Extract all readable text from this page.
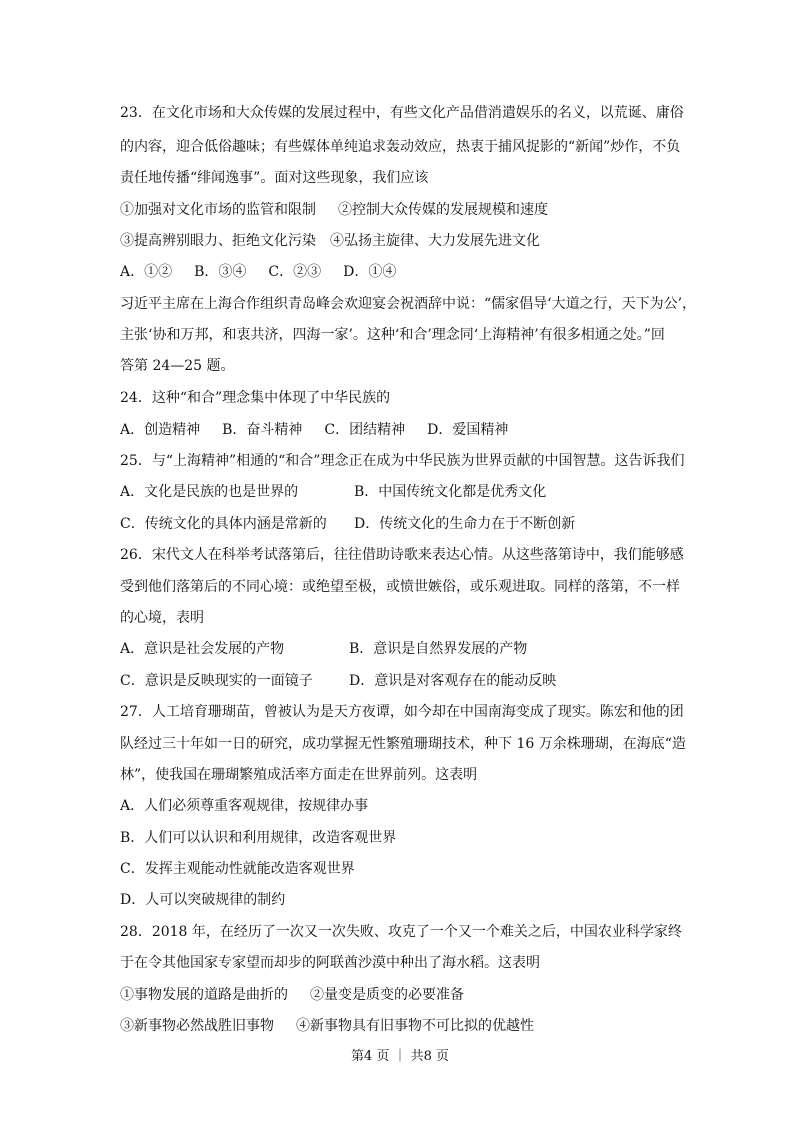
23．在文化市场和大众传媒的发展过程中，有些文化产品借消遣娱乐的名义，以荒诞、庸俗
的内容，迎合低俗趣味；有些媒体单纯追求轰动效应，热衷于捕风捉影的“新闻”炒作，不负
责任地传播“绯闻逸事”。面对这些现象，我们应该
①加强对文化市场的监管和限制 ②控制大众传媒的发展规模和速度
③提高辨别眼力、拒绝文化污染 ④弘扬主旋律、大力发展先进文化
A．①② B．③④ C．②③ D．①④
习近平主席在上海合作组织青岛峰会欢迎宴会祝酒辞中说：“儒家倡导‘大道之行，天下为公’，
主张‘协和万邦，和衷共济，四海一家’。这种‘和合’理念同‘上海精神’有很多相通之处。”回
答第 24—25 题。
24．这种“和合”理念集中体现了中华民族的
A．创造精神 B．奋斗精神 C．团结精神 D．爱国精神
25．与“上海精神”相通的“和合”理念正在成为中华民族为世界贡献的中国智慧。这告诉我们
A．文化是民族的也是世界的	B．中国传统文化都是优秀文化
C．传统文化的具体内涵是常新的 D．传统文化的生命力在于不断创新
26．宋代文人在科举考试落第后，往往借助诗歌来表达心情。从这些落第诗中，我们能够感
受到他们落第后的不同心境：或绝望至极，或愤世嫉俗，或乐观进取。同样的落第，不一样
的心境，表明
A．意识是社会发展的产物	B．意识是自然界发展的产物
C．意识是反映现实的一面镜子	D．意识是对客观存在的能动反映
27．人工培育珊瑚苗，曾被认为是天方夜谭，如今却在中国南海变成了现实。陈宏和他的团
队经过三十年如一日的研究，成功掌握无性繁殖珊瑚技术，种下 16 万余株珊瑚，在海底“造
林”，使我国在珊瑚繁殖成活率方面走在世界前列。这表明
A．人们必须尊重客观规律，按规律办事
B．人们可以认识和利用规律，改造客观世界
C．发挥主观能动性就能改造客观世界
D．人可以突破规律的制约
28．2018 年，在经历了一次又一次失败、攻克了一个又一个难关之后，中国农业科学家终
于在令其他国家专家望而却步的阿联酋沙漠中种出了海水稻。这表明
①事物发展的道路是曲折的 ②量变是质变的必要准备
③新事物必然战胜旧事物 ④新事物具有旧事物不可比拟的优越性
第4 页 ｜ 共8 页
